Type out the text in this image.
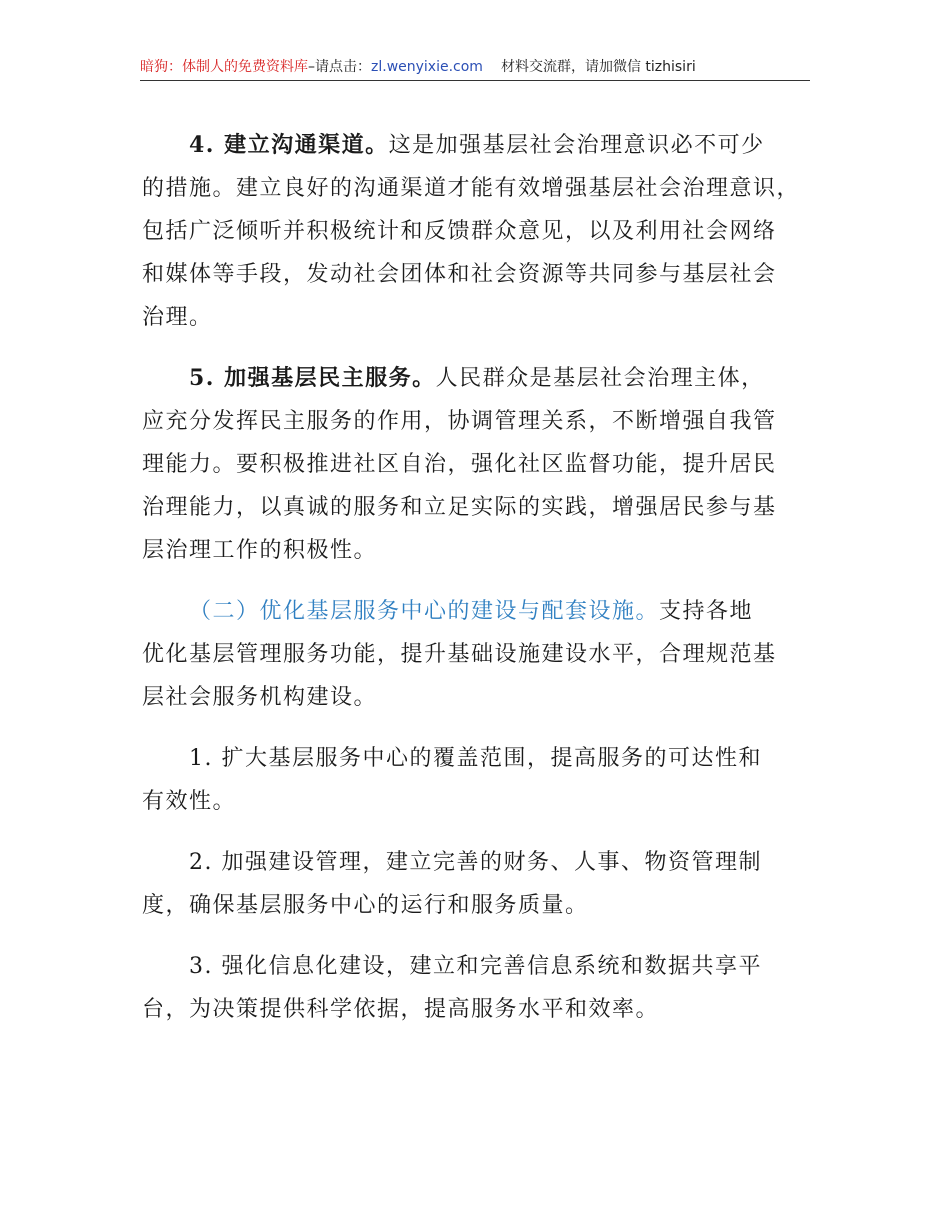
暗狗：体制人的免费资料库–请点击：zl.wenyixie.com 材料交流群，请加微信 tizhisiri
4. 建立沟通渠道。这是加强基层社会治理意识必不可少
的措施。建立良好的沟通渠道才能有效增强基层社会治理意识，
包括广泛倾听并积极统计和反馈群众意见，以及利用社会网络
和媒体等手段，发动社会团体和社会资源等共同参与基层社会
治理。
5. 加强基层民主服务。人民群众是基层社会治理主体，
应充分发挥民主服务的作用，协调管理关系，不断增强自我管
理能力。要积极推进社区自治，强化社区监督功能，提升居民
治理能力，以真诚的服务和立足实际的实践，增强居民参与基
层治理工作的积极性。
（二）优化基层服务中心的建设与配套设施。支持各地
优化基层管理服务功能，提升基础设施建设水平，合理规范基
层社会服务机构建设。
1. 扩大基层服务中心的覆盖范围，提高服务的可达性和
有效性。
2. 加强建设管理，建立完善的财务、人事、物资管理制
度，确保基层服务中心的运行和服务质量。
3. 强化信息化建设，建立和完善信息系统和数据共享平
台，为决策提供科学依据，提高服务水平和效率。
